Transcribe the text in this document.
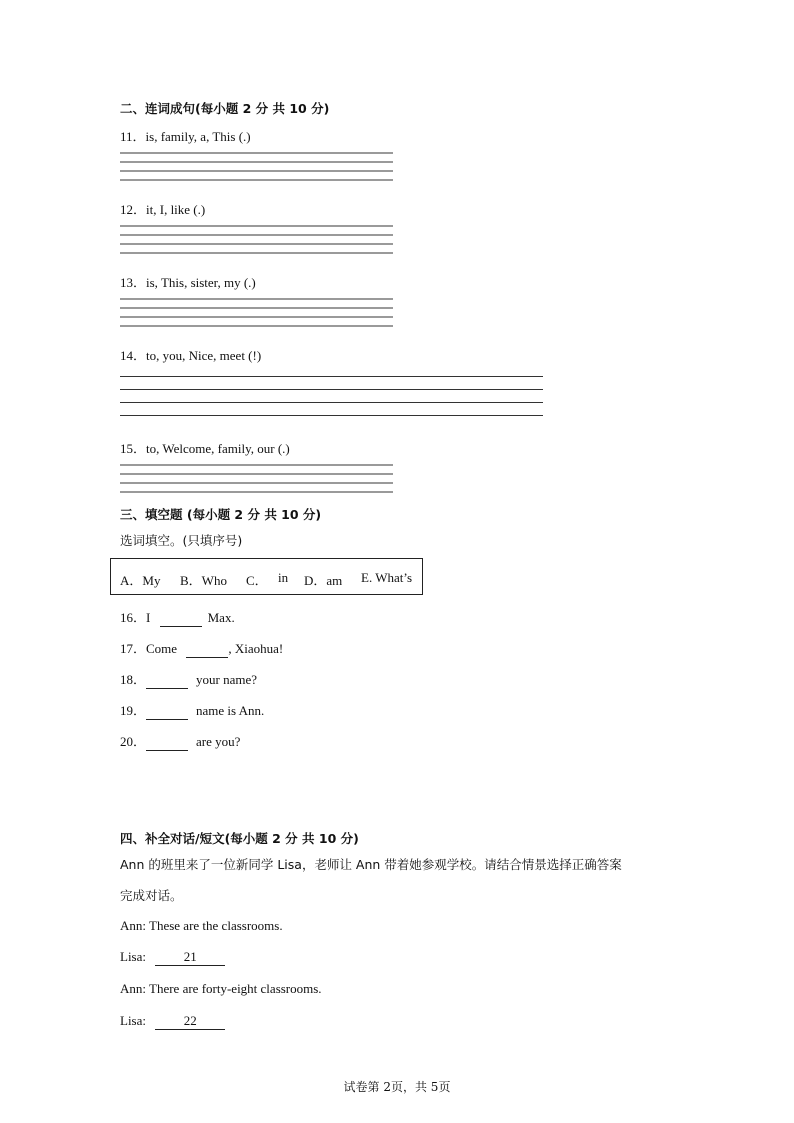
二、连词成句(每小题 2 分 共 10 分)
11．is, family, a, This (.)
12．it, I, like (.)
13．is, This, sister, my (.)
14．to, you, Nice, meet (!)
15．to, Welcome, family, our (.)
三、填空题 (每小题 2 分 共 10 分)
选词填空。(只填序号)
A．My B．Who C． in D．am E. What’s
16．I	Max.
17．Come	, Xiaohua!
18．	your name?
19．	name is Ann.
20．	are you?
四、补全对话/短文(每小题 2 分 共 10 分)
Ann 的班里来了一位新同学 Lisa，老师让 Ann 带着她参观学校。请结合情景选择正确答案
完成对话。
Ann: These are the classrooms.
Lisa:	21
Ann: There are forty-eight classrooms.
Lisa:	22
试卷第 2页，共 5页
